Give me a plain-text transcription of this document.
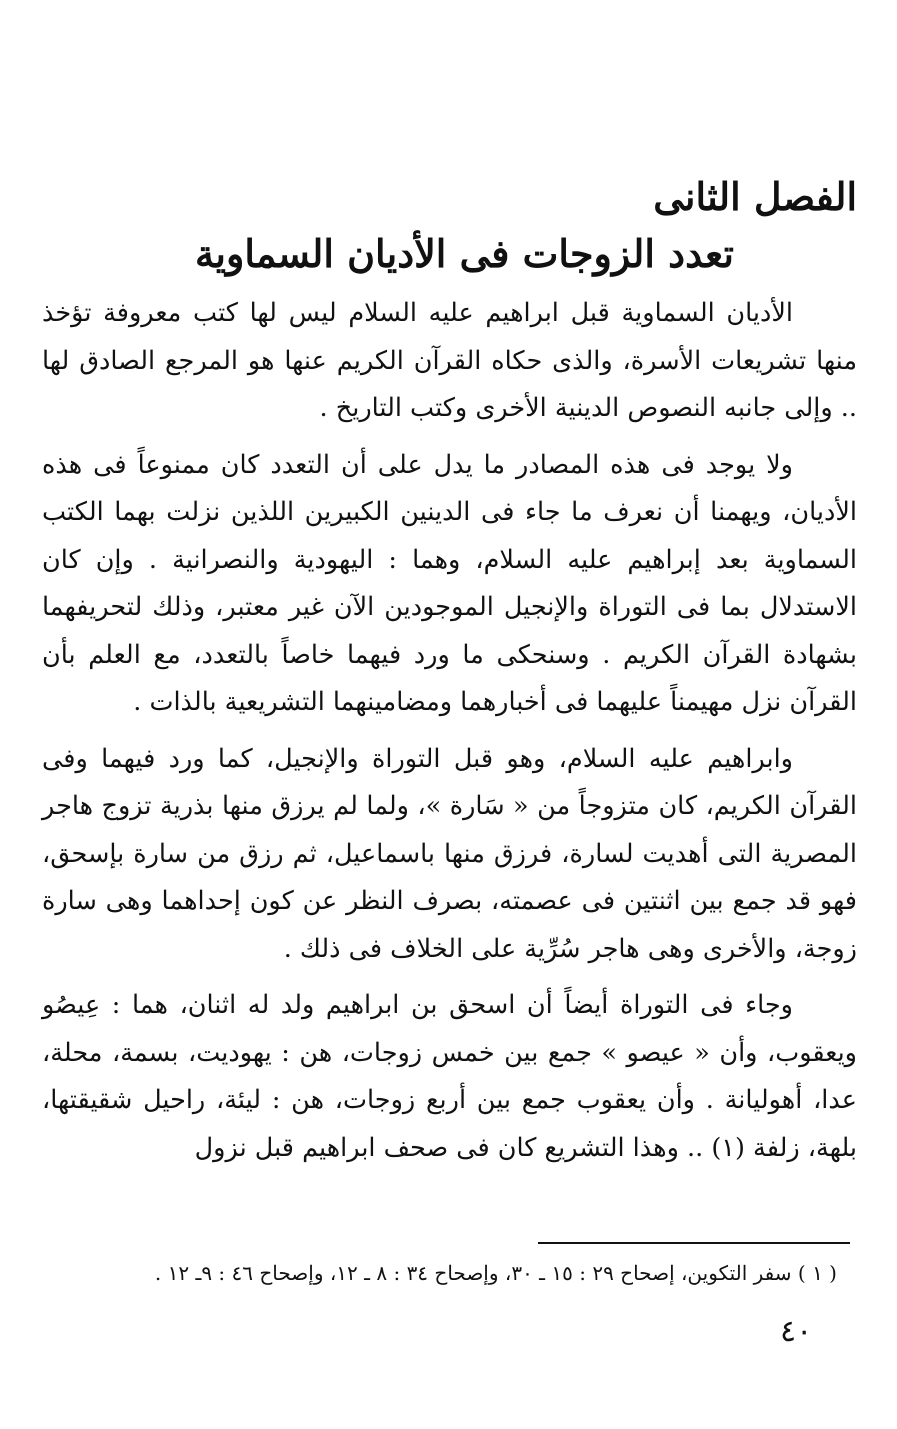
الفصل الثانى
تعدد الزوجات فى الأديان السماوية

الأديان السماوية قبل ابراهيم عليه السلام ليس لها كتب معروفة تؤخذ منها تشريعات الأسرة، والذى حكاه القرآن الكريم عنها هو المرجع الصادق لها .. وإلى جانبه النصوص الدينية الأخرى وكتب التاريخ .

ولا يوجد فى هذه المصادر ما يدل على أن التعدد كان ممنوعاً فى هذه الأديان، ويهمنا أن نعرف ما جاء فى الدينين الكبيرين اللذين نزلت بهما الكتب السماوية بعد إبراهيم عليه السلام، وهما : اليهودية والنصرانية . وإن كان الاستدلال بما فى التوراة والإنجيل الموجودين الآن غير معتبر، وذلك لتحريفهما بشهادة القرآن الكريم . وسنحكى ما ورد فيهما خاصاً بالتعدد، مع العلم بأن القرآن نزل مهيمناً عليهما فى أخبارهما ومضامينهما التشريعية بالذات .

وابراهيم عليه السلام، وهو قبل التوراة والإنجيل، كما ورد فيهما وفى القرآن الكريم، كان متزوجاً من « سَارة »، ولما لم يرزق منها بذرية تزوج هاجر المصرية التى أهديت لسارة، فرزق منها باسماعيل، ثم رزق من سارة بإسحق، فهو قد جمع بين اثنتين فى عصمته، بصرف النظر عن كون إحداهما وهى سارة زوجة، والأخرى وهى هاجر سُرِّية على الخلاف فى ذلك .

وجاء فى التوراة أيضاً أن اسحق بن ابراهيم ولد له اثنان، هما : عِيصُو ويعقوب، وأن « عيصو » جمع بين خمس زوجات، هن : يهوديت، بسمة، محلة، عدا، أهوليانة . وأن يعقوب جمع بين أربع زوجات، هن : ليئة، راحيل شقيقتها، بلهة، زلفة (١) .. وهذا التشريع كان فى صحف ابراهيم قبل نزول

( ١ ) سفر التكوين، إصحاح ٢٩ : ١٥ ـ ٣٠، وإصحاح ٣٤ : ٨ ـ ١٢، وإصحاح ٤٦ : ٩ـ ١٢ .

٤٠
